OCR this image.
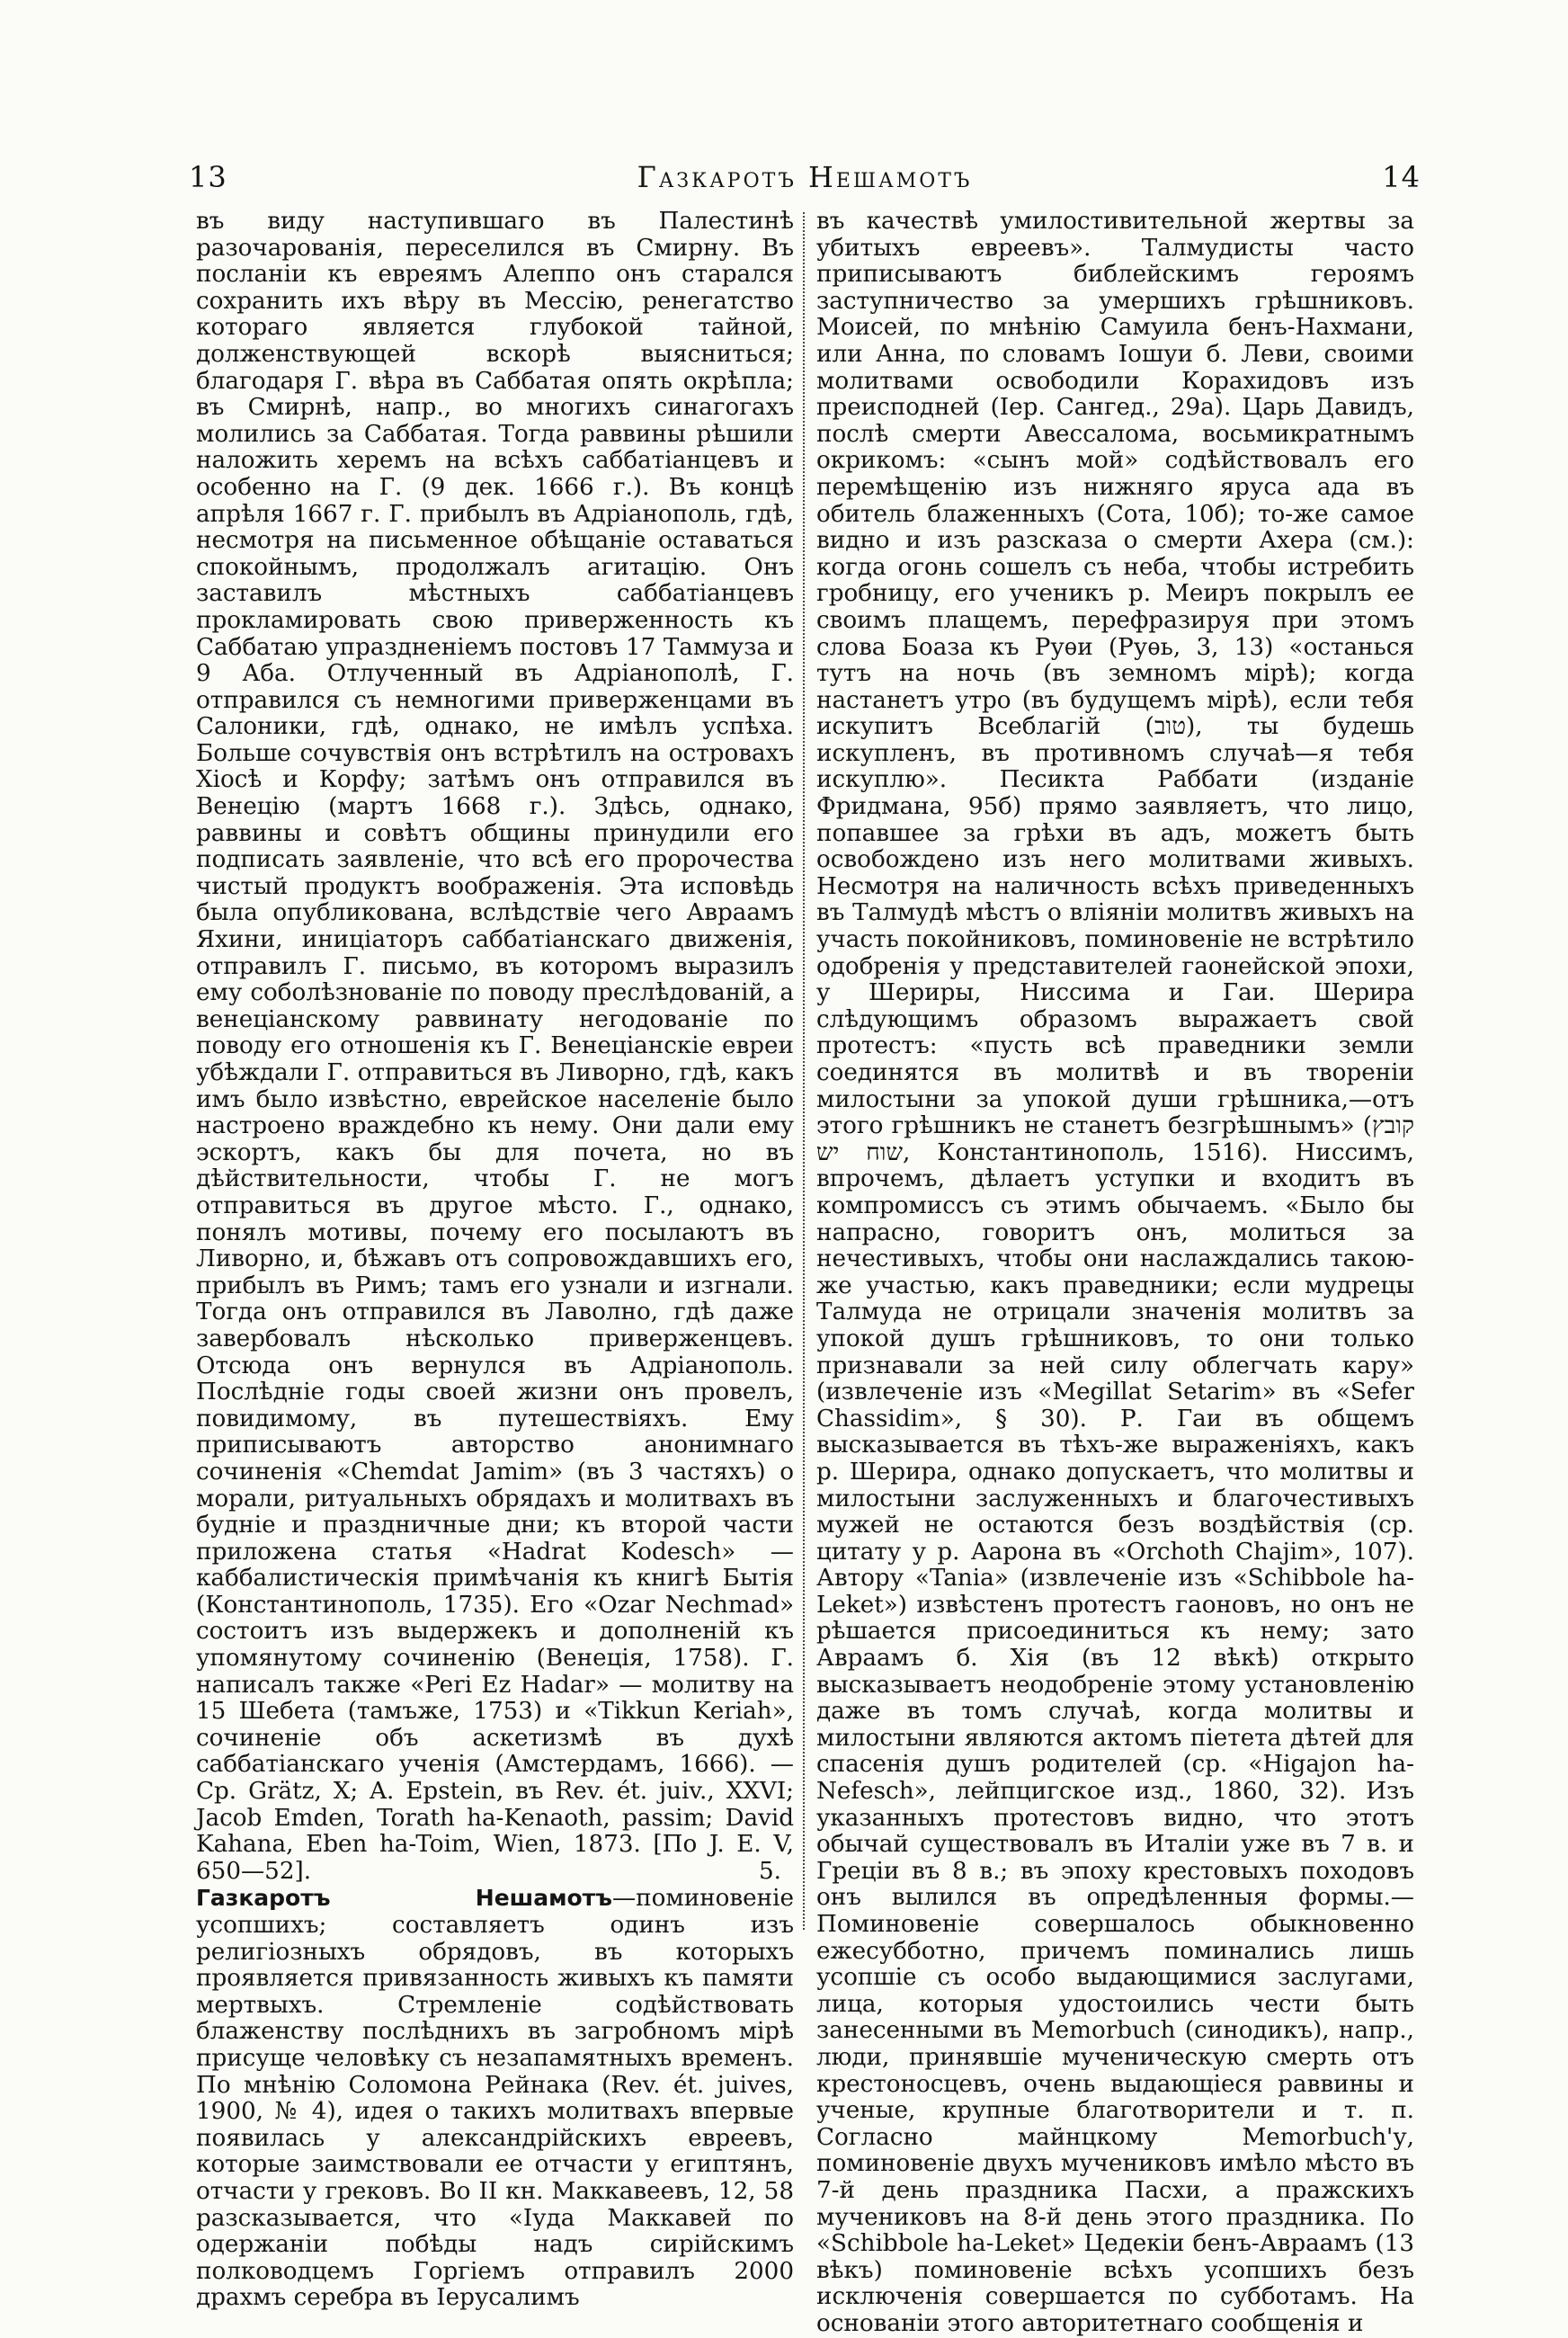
13	Газкаротъ Нешамотъ	14

въ виду наступившаго въ Палестинѣ разочарованія, переселился въ Смирну. Въ посланіи къ евреямъ Алеппо онъ старался сохранить ихъ вѣру въ Мессію, ренегатство котораго является глубокой тайной, долженствующей вскорѣ выясниться; благодаря Г. вѣра въ Саббатая опять окрѣпла; въ Смирнѣ, напр., во многихъ синагогахъ молились за Саббатая. Тогда раввины рѣшили наложить херемъ на всѣхъ саббатіанцевъ и особенно на Г. (9 дек. 1666 г.). Въ концѣ апрѣля 1667 г. Г. прибылъ въ Адріанополь, гдѣ, несмотря на письменное обѣщаніе оставаться спокойнымъ, продолжалъ агитацію. Онъ заставилъ мѣстныхъ саббатіанцевъ прокламировать свою приверженность къ Саббатаю упраздненіемъ постовъ 17 Таммуза и 9 Аба. Отлученный въ Адріанополѣ, Г. отправился съ немногими приверженцами въ Салоники, гдѣ, однако, не имѣлъ успѣха. Больше сочувствія онъ встрѣтилъ на островахъ Хіосѣ и Корфу; затѣмъ онъ отправился въ Венецію (мартъ 1668 г.). Здѣсь, однако, раввины и совѣтъ общины принудили его подписать заявленіе, что всѣ его пророчества чистый продуктъ воображенія. Эта исповѣдь была опубликована, вслѣдствіе чего Авраамъ Яхини, иниціаторъ саббатіанскаго движенія, отправилъ Г. письмо, въ которомъ выразилъ ему соболѣзнованіе по поводу преслѣдованій, а венеціанскому раввинату негодованіе по поводу его отношенія къ Г. Венеціанскіе евреи убѣждали Г. отправиться въ Ливорно, гдѣ, какъ имъ было извѣстно, еврейское населеніе было настроено враждебно къ нему. Они дали ему эскортъ, какъ бы для почета, но въ дѣйствительности, чтобы Г. не могъ отправиться въ другое мѣсто. Г., однако, понялъ мотивы, почему его посылаютъ въ Ливорно, и, бѣжавъ отъ сопровождавшихъ его, прибылъ въ Римъ; тамъ его узнали и изгнали. Тогда онъ отправился въ Лаволно, гдѣ даже завербовалъ нѣсколько приверженцевъ. Отсюда онъ вернулся въ Адріанополь. Послѣдніе годы своей жизни онъ провелъ, повидимому, въ путешествіяхъ. Ему приписываютъ авторство анонимнаго сочиненія «Chemdat Jamim» (въ 3 частяхъ) о морали, ритуальныхъ обрядахъ и молитвахъ въ будніе и праздничные дни; къ второй части приложена статья «Hadrat Kodesch» — каббалистическія примѣчанія къ книгѣ Бытія (Константинополь, 1735). Его «Ozar Nechmad» состоитъ изъ выдержекъ и дополненій къ упомянутому сочиненію (Венеція, 1758). Г. написалъ также «Peri Ez Hadar» — молитву на 15 Шебета (тамъже, 1753) и «Tikkun Keriah», сочиненіе объ аскетизмѣ въ духѣ саббатіанскаго ученія (Амстердамъ, 1666). — Ср. Grätz, X; A. Epstein, въ Rev. ét. juiv., XXVI; Jacob Emden, Torath ha-Kenaoth, passim; David Kahana, Eben ha-Toim, Wien, 1873. [По J. E. V, 650—52].	5.

Газкаротъ Нешамотъ—поминовеніе усопшихъ; составляетъ одинъ изъ религіозныхъ обрядовъ, въ которыхъ проявляется привязанность живыхъ къ памяти мертвыхъ. Стремленіе содѣйствовать блаженству послѣднихъ въ загробномъ мірѣ присуще человѣку съ незапамятныхъ временъ. По мнѣнію Соломона Рейнака (Rev. ét. juives, 1900, № 4), идея о такихъ молитвахъ впервые появилась у александрійскихъ евреевъ, которые заимствовали ее отчасти у египтянъ, отчасти у грековъ. Во II кн. Маккавеевъ, 12, 58 разсказывается, что «Іуда Маккавей по одержаніи побѣды надъ сирійскимъ полководцемъ Горгіемъ отправилъ 2000 драхмъ серебра въ Іерусалимъ

въ качествѣ умилостивительной жертвы за убитыхъ евреевъ». Талмудисты часто приписываютъ библейскимъ героямъ заступничество за умершихъ грѣшниковъ. Моисей, по мнѣнію Самуила бенъ-Нахмани, или Анна, по словамъ Іошуи б. Леви, своими молитвами освободили Корахидовъ изъ преисподней (Іер. Сангед., 29а). Царь Давидъ, послѣ смерти Авессалома, восьмикратнымъ окрикомъ: «сынъ мой» содѣйствовалъ его перемѣщенію изъ нижняго яруса ада въ обитель блаженныхъ (Сота, 10б); то-же самое видно и изъ разсказа о смерти Ахера (см.): когда огонь сошелъ съ неба, чтобы истребить гробницу, его ученикъ р. Меиръ покрылъ ее своимъ плащемъ, перефразируя при этомъ слова Боаза къ Руѳи (Руѳь, 3, 13) «останься тутъ на ночь (въ земномъ мірѣ); когда настанетъ утро (въ будущемъ мірѣ), если тебя искупитъ Всеблагій (טוב), ты будешь искупленъ, въ противномъ случаѣ—я тебя искуплю». Песикта Раббати (изданіе Фридмана, 95б) прямо заявляетъ, что лицо, попавшее за грѣхи въ адъ, можетъ быть освобождено изъ него молитвами живыхъ. Несмотря на наличность всѣхъ приведенныхъ въ Талмудѣ мѣстъ о вліяніи молитвъ живыхъ на участь покойниковъ, поминовеніе не встрѣтило одобренія у представителей гаонейской эпохи, у Шериры, Ниссима и Гаи. Шерира слѣдующимъ образомъ выражаетъ свой протестъ: «пусть всѣ праведники земли соединятся въ молитвѣ и въ твореніи милостыни за упокой души грѣшника,—отъ этого грѣшникъ не станетъ безгрѣшнымъ» (קובץ שוח יש, Константинополь, 1516). Ниссимъ, впрочемъ, дѣлаетъ уступки и входитъ въ компромиссъ съ этимъ обычаемъ. «Было бы напрасно, говоритъ онъ, молиться за нечестивыхъ, чтобы они наслаждались такою-же участью, какъ праведники; если мудрецы Талмуда не отрицали значенія молитвъ за упокой душъ грѣшниковъ, то они только признавали за ней силу облегчать кару» (извлеченіе изъ «Megillat Setarim» въ «Sefer Chassidim», § 30). Р. Гаи въ общемъ высказывается въ тѣхъ-же выраженіяхъ, какъ р. Шерира, однако допускаетъ, что молитвы и милостыни заслуженныхъ и благочестивыхъ мужей не остаются безъ воздѣйствія (ср. цитату у р. Аарона въ «Orchoth Chajim», 107). Автору «Tania» (извлеченіе изъ «Schibbole ha-Leket») извѣстенъ протестъ гаоновъ, но онъ не рѣшается присоединиться къ нему; зато Авраамъ б. Хія (въ 12 вѣкѣ) открыто высказываетъ неодобреніе этому установленію даже въ томъ случаѣ, когда молитвы и милостыни являются актомъ піетета дѣтей для спасенія душъ родителей (ср. «Higajon ha-Nefesch», лейпцигское изд., 1860, 32). Изъ указанныхъ протестовъ видно, что этотъ обычай существовалъ въ Италіи уже въ 7 в. и Греціи въ 8 в.; въ эпоху крестовыхъ походовъ онъ вылился въ опредѣленныя формы.—Поминовеніе совершалось обыкновенно ежесубботно, причемъ поминались лишь усопшіе съ особо выдающимися заслугами, лица, которыя удостоились чести быть занесенными въ Memorbuch (синодикъ), напр., люди, принявшіе мученическую смерть отъ крестоносцевъ, очень выдающіеся раввины и ученые, крупные благотворители и т. п. Согласно майнцкому Memorbuch'у, поминовеніе двухъ мучениковъ имѣло мѣсто въ 7-й день праздника Пасхи, а пражскихъ мучениковъ на 8-й день этого праздника. По «Schibbole ha-Leket» Цедекіи бенъ-Авраамъ (13 вѣкъ) поминовеніе всѣхъ усопшихъ безъ исключенія совершается по субботамъ. На основаніи этого авторитетнаго сообщенія и
